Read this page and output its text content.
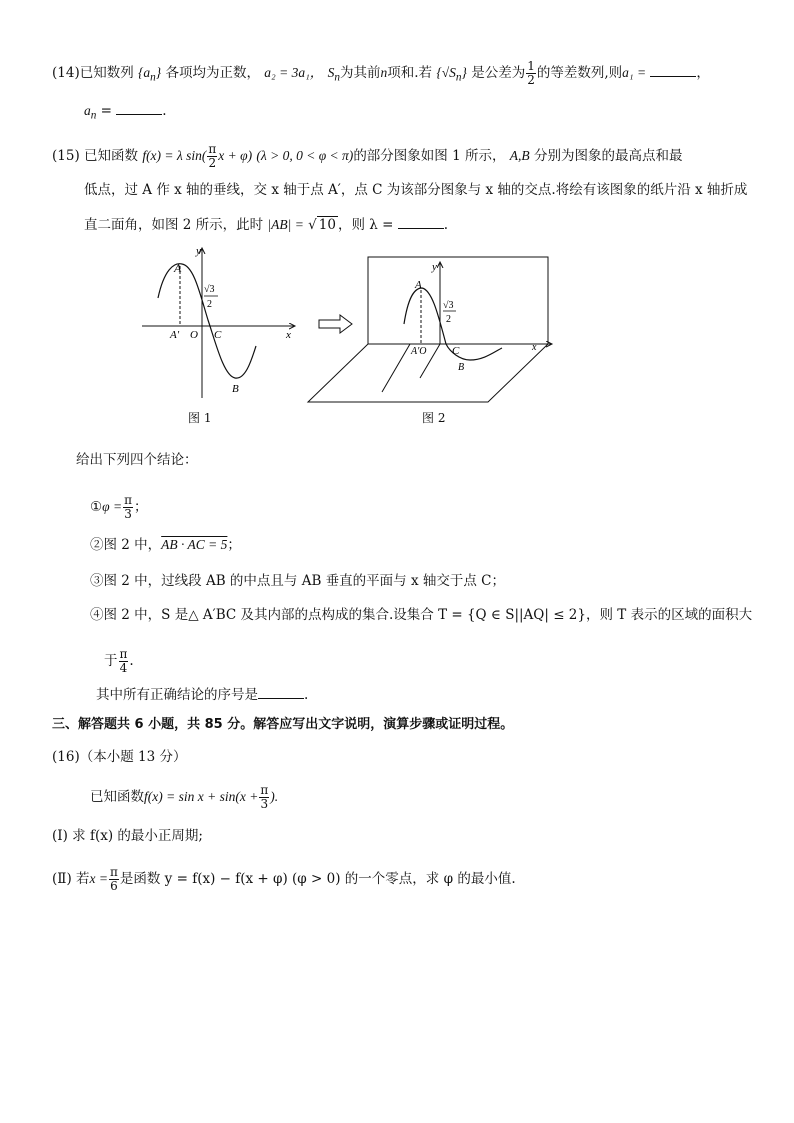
(14)已知数列 $\{a_n\}$ 各项均为正数， a₂ = 3a₁， $S_n$为其前n项和.若 $\{√S_n\}$ 是公差为 $\frac{1}{2}$ 的等差数列,则a₁ =	，
$a_n$ =	.
(15) 已知函数 f(x) = λ $\sin( \frac{\pi}{2}$ x + φ) (λ > 0, 0 < φ < π)的部分图象如图 1 所示， A,B 分别为图象的最高点和最
低点，过 A 作 x 轴的垂线，交 x 轴于点 A′，点 C 为该部分图象与 x 轴的交点.将绘有该图象的纸片沿 x 轴折成
直二面角，如图 2 所示，此时 |AB| = √ 10 ，则 λ =	.
y
A
√3
2
A′ O C	x
B
图 1
y
A
√3
2
A′O C	x
B
图 2
给出下列四个结论：
①φ = $\frac{\pi}{3}$ ；
②图 2 中，AB · AC = 5；
③图 2 中，过线段 AB 的中点且与 AB 垂直的平面与 x 轴交于点 C；
④图 2 中，S 是△ A′BC 及其内部的点构成的集合.设集合 T = {Q ∈ S||AQ| ≤ 2}，则 T 表示的区域的面积大
于 $\frac{\pi}{4}$ .
其中所有正确结论的序号是	.
三、解答题共 6 小题，共 85 分。解答应写出文字说明，演算步骤或证明过程。
(16)（本小题 13 分）
已知函数$f(x) = \sin x + \sin(x + \frac{\pi}{3}$ ).
(Ⅰ) 求 f(x) 的最小正周期;
(Ⅱ) 若$x = \frac{\pi}{6}$ 是函数 y = f(x) − f(x + φ) (φ > 0) 的一个零点，求 φ 的最小值.
